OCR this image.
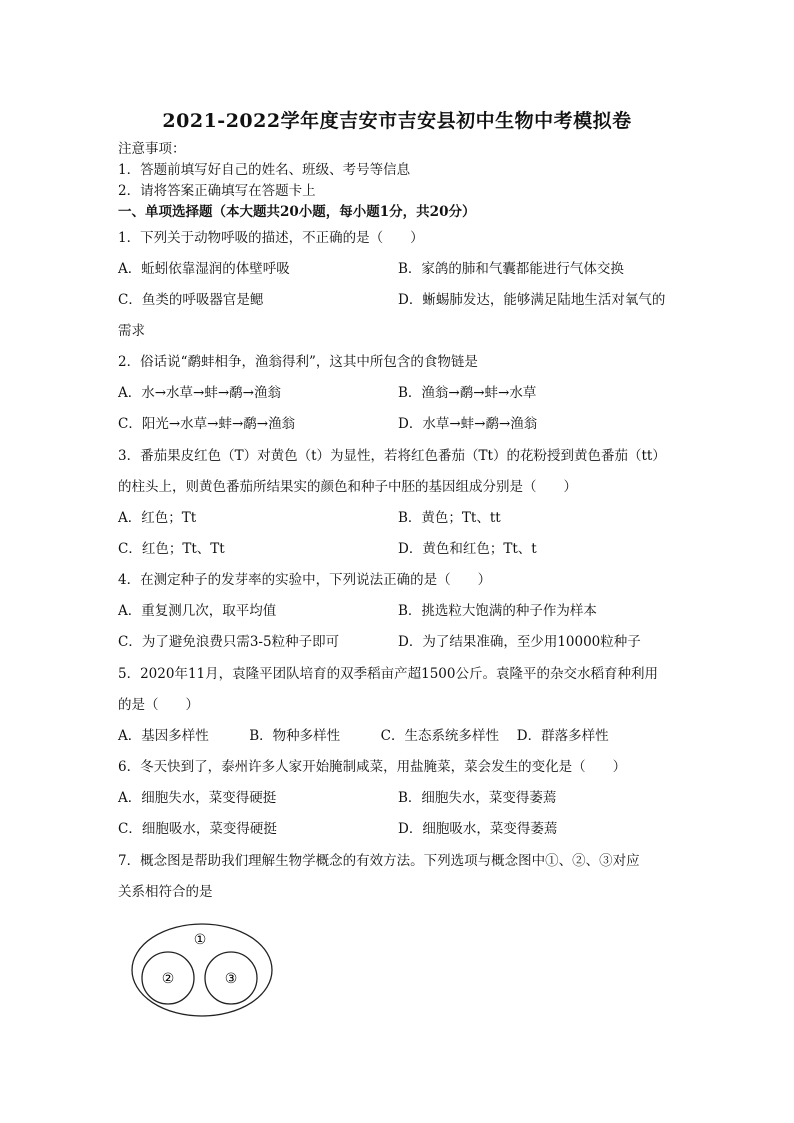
2021-2022学年度吉安市吉安县初中生物中考模拟卷
注意事项：
1．答题前填写好自己的姓名、班级、考号等信息
2．请将答案正确填写在答题卡上
一、单项选择题（本大题共20小题，每小题1分，共20分）
1．下列关于动物呼吸的描述，不正确的是（　　）
A．蚯蚓依靠湿润的体壁呼吸	B．家鸽的肺和气囊都能进行气体交换
C．鱼类的呼吸器官是鳃	D．蜥蜴肺发达，能够满足陆地生活对氧气的
需求
2．俗话说“鹬蚌相争，渔翁得利”，这其中所包含的食物链是
A．水→水草→蚌→鹬→渔翁	B．渔翁→鹬→蚌→水草
C．阳光→水草→蚌→鹬→渔翁	D．水草→蚌→鹬→渔翁
3．番茄果皮红色（T）对黄色（t）为显性，若将红色番茄（Tt）的花粉授到黄色番茄（tt）
的柱头上，则黄色番茄所结果实的颜色和种子中胚的基因组成分别是（　　）
A．红色；Tt	B．黄色；Tt、tt
C．红色；Tt、Tt	D．黄色和红色；Tt、t
4．在测定种子的发芽率的实验中，下列说法正确的是（　　）
A．重复测几次，取平均值	B．挑选粒大饱满的种子作为样本
C．为了避免浪费只需3-5粒种子即可	D．为了结果准确，至少用10000粒种子
5．2020年11月，袁隆平团队培育的双季稻亩产超1500公斤。袁隆平的杂交水稻育种利用
的是（　　）
A．基因多样性　　　B．物种多样性　　　C．生态系统多样性　 D．群落多样性
6．冬天快到了，泰州许多人家开始腌制咸菜，用盐腌菜，菜会发生的变化是（　　）
A．细胞失水，菜变得硬挺	B．细胞失水，菜变得萎蔫
C．细胞吸水，菜变得硬挺	D．细胞吸水，菜变得萎蔫
7．概念图是帮助我们理解生物学概念的有效方法。下列选项与概念图中①、②、③对应
关系相符合的是
①
②	③
